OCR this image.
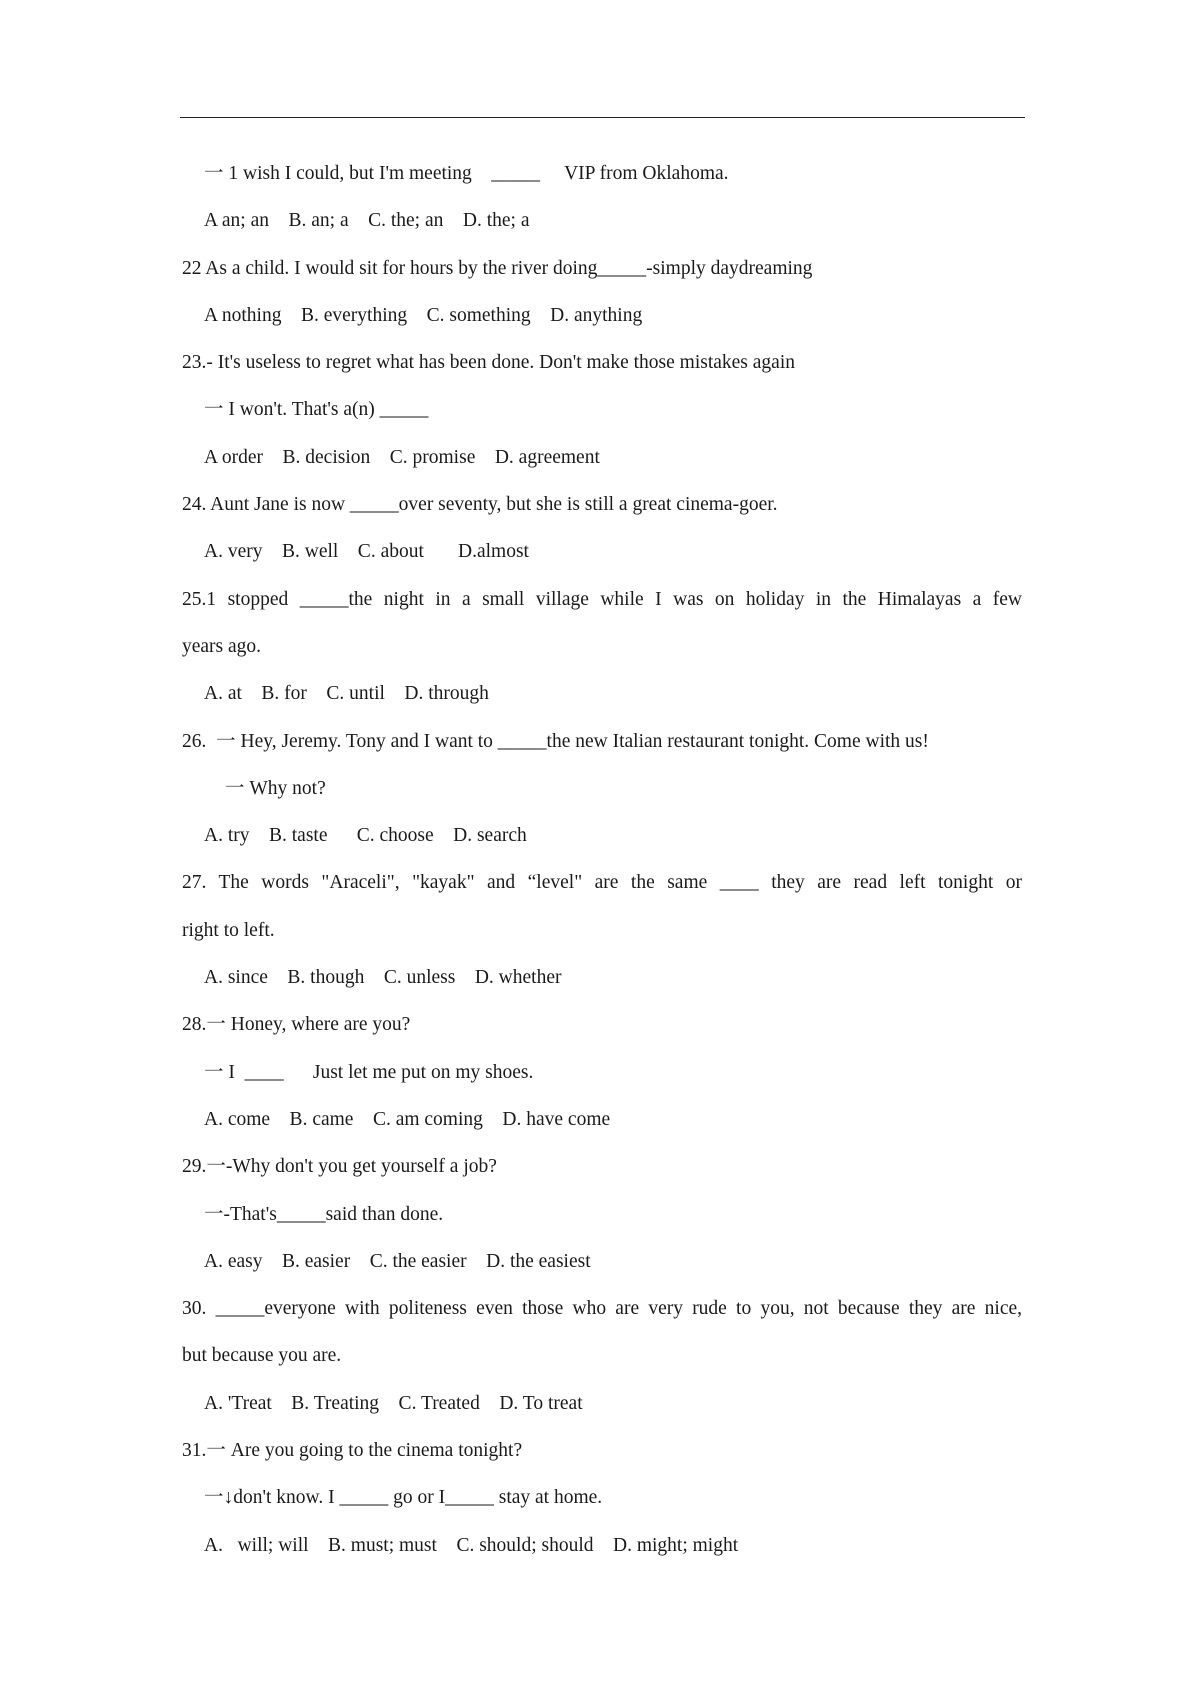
一 1 wish I could, but I'm meeting    _____     VIP from Oklahoma.
A an; an    B. an; a    C. the; an    D. the; a
22 As a child. I would sit for hours by the river doing_____-simply daydreaming
A nothing    B. everything    C. something    D. anything
23.- It's useless to regret what has been done. Don't make those mistakes again
一 I won't. That's a(n) _____
A order    B. decision    C. promise    D. agreement
24. Aunt Jane is now _____over seventy, but she is still a great cinema-goer.
A. very    B. well    C. about       D.almost
25.1 stopped _____the night in a small village while I was on holiday in the Himalayas a few
years ago.
A. at    B. for    C. until    D. through
26.  一 Hey, Jeremy. Tony and I want to _____the new Italian restaurant tonight. Come with us!
一 Why not?
A. try    B. taste      C. choose    D. search
27. The words "Araceli", "kayak" and “level" are the same ____ they are read left tonight or
right to left.
A. since    B. though    C. unless    D. whether
28.一 Honey, where are you?
一 I  ____      Just let me put on my shoes.
A. come    B. came    C. am coming    D. have come
29.一-Why don't you get yourself a job?
一-That's_____said than done.
A. easy    B. easier    C. the easier    D. the easiest
30. _____everyone with politeness even those who are very rude to you, not because they are nice,
but because you are.
A. 'Treat    B. Treating    C. Treated    D. To treat
31.一 Are you going to the cinema tonight?
一↓don't know. I _____ go or I_____ stay at home.
A.   will; will    B. must; must    C. should; should    D. might; might
